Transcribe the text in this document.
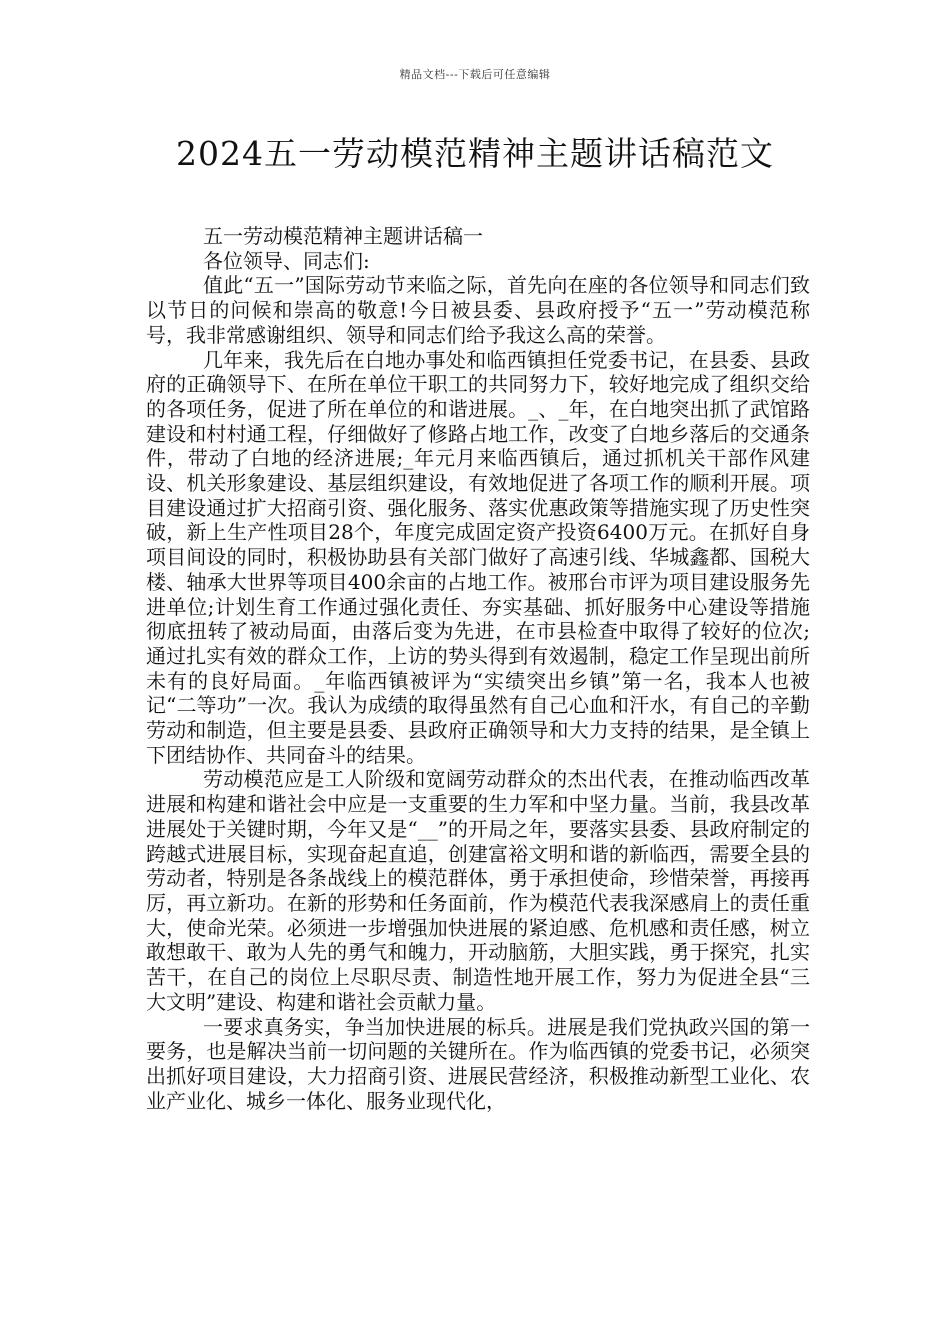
精品文档---下载后可任意编辑
2024五一劳动模范精神主题讲话稿范文

五一劳动模范精神主题讲话稿一

各位领导、同志们:

值此“五一”国际劳动节来临之际，首先向在座的各位领导和同志们致以节日的问候和崇高的敬意!今日被县委、县政府授予“五一”劳动模范称号，我非常感谢组织、领导和同志们给予我这么高的荣誉。

几年来，我先后在白地办事处和临西镇担任党委书记，在县委、县政府的正确领导下、在所在单位干职工的共同努力下，较好地完成了组织交给的各项任务，促进了所在单位的和谐进展。_、_年，在白地突出抓了武馆路建设和村村通工程，仔细做好了修路占地工作，改变了白地乡落后的交通条件，带动了白地的经济进展;_年元月来临西镇后，通过抓机关干部作风建设、机关形象建设、基层组织建设，有效地促进了各项工作的顺利开展。项目建设通过扩大招商引资、强化服务、落实优惠政策等措施实现了历史性突破，新上生产性项目28个，年度完成固定资产投资6400万元。在抓好自身项目间设的同时，积极协助县有关部门做好了高速引线、华城鑫都、国税大楼、轴承大世界等项目400余亩的占地工作。被邢台市评为项目建设服务先进单位;计划生育工作通过强化责任、夯实基础、抓好服务中心建设等措施彻底扭转了被动局面，由落后变为先进，在市县检查中取得了较好的位次;通过扎实有效的群众工作，上访的势头得到有效遏制，稳定工作呈现出前所未有的良好局面。_年临西镇被评为“实绩突出乡镇”第一名，我本人也被记“二等功”一次。我认为成绩的取得虽然有自己心血和汗水，有自己的辛勤劳动和制造，但主要是县委、县政府正确领导和大力支持的结果，是全镇上下团结协作、共同奋斗的结果。

劳动模范应是工人阶级和宽阔劳动群众的杰出代表，在推动临西改革进展和构建和谐社会中应是一支重要的生力军和中坚力量。当前，我县改革进展处于关键时期，今年又是“__”的开局之年，要落实县委、县政府制定的跨越式进展目标，实现奋起直追，创建富裕文明和谐的新临西，需要全县的劳动者，特别是各条战线上的模范群体，勇于承担使命，珍惜荣誉，再接再厉，再立新功。在新的形势和任务面前，作为模范代表我深感肩上的责任重大，使命光荣。必须进一步增强加快进展的紧迫感、危机感和责任感，树立敢想敢干、敢为人先的勇气和魄力，开动脑筋，大胆实践，勇于探究，扎实苦干，在自己的岗位上尽职尽责、制造性地开展工作，努力为促进全县“三大文明”建设、构建和谐社会贡献力量。

一要求真务实，争当加快进展的标兵。进展是我们党执政兴国的第一要务，也是解决当前一切问题的关键所在。作为临西镇的党委书记，必须突出抓好项目建设，大力招商引资、进展民营经济，积极推动新型工业化、农业产业化、城乡一体化、服务业现代化，
